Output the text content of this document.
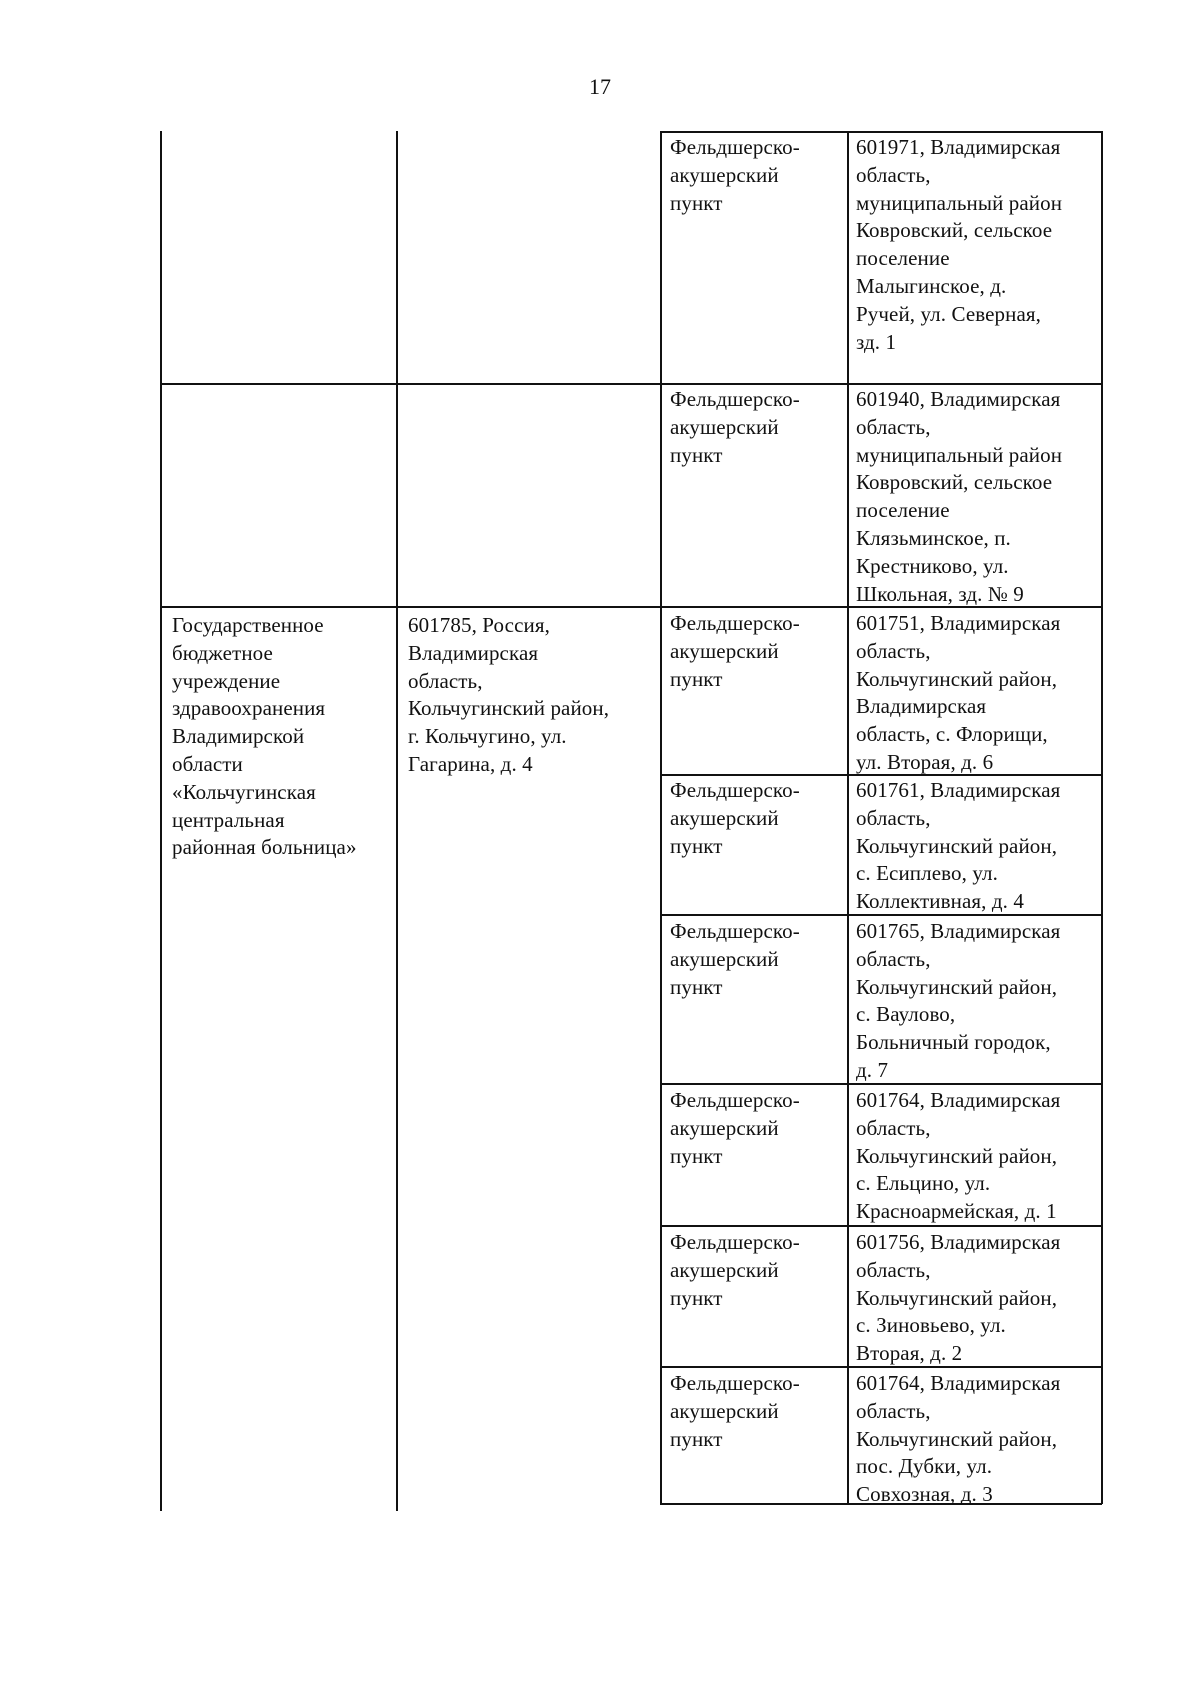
17
Государственное
бюджетное
учреждение
здравоохранения
Владимирской
области
«Кольчугинская
центральная
районная больница»
601785, Россия,
Владимирская
область,
Кольчугинский район,
г. Кольчугино, ул.
Гагарина, д. 4
Фельдшерско-
акушерский
пункт
601971, Владимирская
область,
муниципальный район
Ковровский, сельское
поселение
Малыгинское, д.
Ручей, ул. Северная,
зд. 1
Фельдшерско-
акушерский
пункт
601940, Владимирская
область,
муниципальный район
Ковровский, сельское
поселение
Клязьминское, п.
Крестниково, ул.
Школьная, зд. № 9
Фельдшерско-
акушерский
пункт
601751, Владимирская
область,
Кольчугинский район,
Владимирская
область, с. Флорищи,
ул. Вторая, д. 6
Фельдшерско-
акушерский
пункт
601761, Владимирская
область,
Кольчугинский район,
с. Есиплево, ул.
Коллективная, д. 4
Фельдшерско-
акушерский
пункт
601765, Владимирская
область,
Кольчугинский район,
с. Ваулово,
Больничный городок,
д. 7
Фельдшерско-
акушерский
пункт
601764, Владимирская
область,
Кольчугинский район,
с. Ельцино, ул.
Красноармейская, д. 1
Фельдшерско-
акушерский
пункт
601756, Владимирская
область,
Кольчугинский район,
с. Зиновьево, ул.
Вторая, д. 2
Фельдшерско-
акушерский
пункт
601764, Владимирская
область,
Кольчугинский район,
пос. Дубки, ул.
Совхозная, д. 3
